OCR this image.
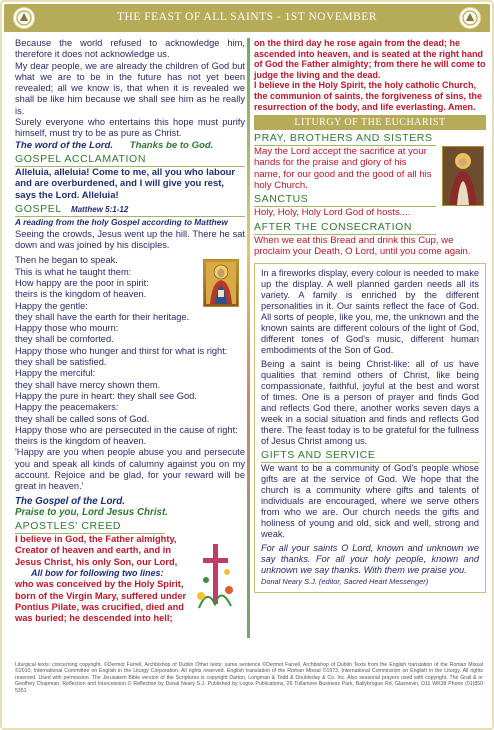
THE FEAST OF ALL SAINTS - 1ST NOVEMBER

Because the world refused to acknowledge him, therefore it does not acknowledge us.

My dear people, we are already the children of God but what we are to be in the future has not yet been revealed; all we know is, that when it is revealed we shall be like him because we shall see him as he really is.

Surely everyone who entertains this hope must purify himself, must try to be as pure as Christ.

The word of the Lord. Thanks be to God.

GOSPEL ACCLAMATION

Alleluia, alleluia! Come to me, all you who labour and are overburdened, and I will give you rest, says the Lord. Alleluia!

GOSPEL Matthew 5:1-12

A reading from the holy Gospel according to Matthew

Seeing the crowds, Jesus went up the hill. There he sat down and was joined by his disciples.

Then he began to speak.

This is what he taught them:

How happy are the poor in spirit:

theirs is the kingdom of heaven.

Happy the gentle:

they shall have the earth for their heritage.

Happy those who mourn:

they shall be comforted.

Happy those who hunger and thirst for what is right: they shall be satisfied.

Happy the merciful:

they shall have mercy shown them.

Happy the pure in heart: they shall see God.

Happy the peacemakers:

they shall be called sons of God.

Happy those who are persecuted in the cause of right:

theirs is the kingdom of heaven.

'Happy are you when people abuse you and persecute you and speak all kinds of calumny against you on my account. Rejoice and be glad, for your reward will be great in heaven.'

The Gospel of the Lord.

Praise to you, Lord Jesus Christ.

APOSTLES' CREED

I believe in God, the Father almighty, Creator of heaven and earth, and in Jesus Christ, his only Son, our Lord,

All bow for following two lines:

who was conceived by the Holy Spirit, born of the Virgin Mary, suffered under Pontius Pilate, was crucified, died and was buried; he descended into hell;

on the third day he rose again from the dead; he ascended into heaven, and is seated at the right hand of God the Father almighty; from there he will come to judge the living and the dead.

I believe in the Holy Spirit, the holy catholic Church, the communion of saints, the forgiveness of sins, the resurrection of the body, and life everlasting. Amen.

LITURGY OF THE EUCHARIST
PRAY, BROTHERS AND SISTERS

May the Lord accept the sacrifice at your hands for the praise and glory of his name, for our good and the good of all his holy Church.

SANCTUS

Holy, Holy, Holy Lord God of hosts....

AFTER THE CONSECRATION

When we eat this Bread and drink this Cup, we proclaim your Death, O Lord, until you come again.

In a fireworks display, every colour is needed to make up the display. A well planned garden needs all its variety. A family is enriched by the different personalities in it. Our saints reflect the face of God. All sorts of people, like you, me, the unknown and the known saints are different colours of the light of God, different tones of God's music, different human embodiments of the Son of God.

Being a saint is being Christ-like: all of us have qualities that remind others of Christ, like being compassionate, faithful, joyful at the best and worst of times. One is a person of prayer and finds God and reflects God there, another works seven days a week in a social situation and finds and reflects God there. The feast today is to be grateful for the fullness of Jesus Christ among us.

GIFTS AND SERVICE

We want to be a community of God's people whose gifts are at the service of God. We hope that the church is a community where gifts and talents of individuals are encouraged, where we serve others from who we are. Our church needs the gifts and holiness of young and old, sick and well, strong and weak.

For all your saints O Lord, known and unknown we say thanks. For all your holy people, known and unknown we say thanks. With them we praise you.

Donal Neary S.J. (editor, Sacred Heart Messenger)

Liturgical texts: concerning copyright. ©Dermot Farrell, Archbishop of Dublin Other texts: same sentence ©Dermot Farrell, Archbishop of Dublin Texts from the English translation of the Roman Missal ©2010, International Committee on English in the Liturgy Corporation. All rights reserved. English translation of the Roman Missal ©1973, International Commission on English in the Liturgy. All rights reserved. Used with permission. The Jerusalem Bible version of the Scriptures is copyright Darton, Longman & Todd & Doubleday & Co. Inc. Also seasonal prayers used with copyright. The Grail & or Geoffrey Chapman. Reflection and Intercession © Reflection by Donal Neary S.J. Published by Logos Publications, 26 Tullamore Business Park, Ballybrogue Rd, Glasnevin, D11 WK38 Phone (01)850 5351
